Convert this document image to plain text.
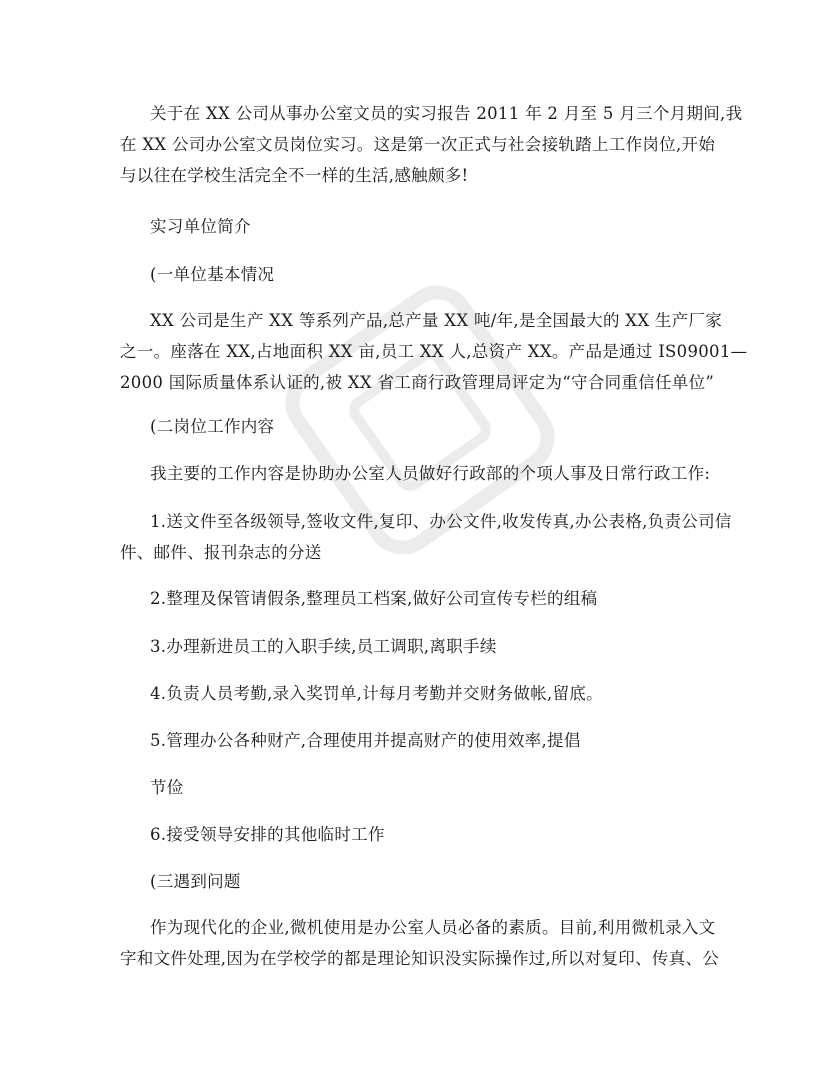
关于在 XX 公司从事办公室文员的实习报告 2011 年 2 月至 5 月三个月期间,我
在 XX 公司办公室文员岗位实习。这是第一次正式与社会接轨踏上工作岗位,开始
与以往在学校生活完全不一样的生活,感触颇多!
实习单位简介
(一单位基本情况
XX 公司是生产 XX 等系列产品,总产量 XX 吨/年,是全国最大的 XX 生产厂家
之一。座落在 XX,占地面积 XX 亩,员工 XX 人,总资产 XX。产品是通过 IS09001—
2000 国际质量体系认证的,被 XX 省工商行政管理局评定为“守合同重信任单位”
(二岗位工作内容
我主要的工作内容是协助办公室人员做好行政部的个项人事及日常行政工作:
1.送文件至各级领导,签收文件,复印、办公文件,收发传真,办公表格,负责公司信
件、邮件、报刊杂志的分送
2.整理及保管请假条,整理员工档案,做好公司宣传专栏的组稿
3.办理新进员工的入职手续,员工调职,离职手续
4.负责人员考勤,录入奖罚单,计每月考勤并交财务做帐,留底。
5.管理办公各种财产,合理使用并提高财产的使用效率,提倡
节俭
6.接受领导安排的其他临时工作
(三遇到问题
作为现代化的企业,微机使用是办公室人员必备的素质。目前,利用微机录入文
字和文件处理,因为在学校学的都是理论知识没实际操作过,所以对复印、传真、公
